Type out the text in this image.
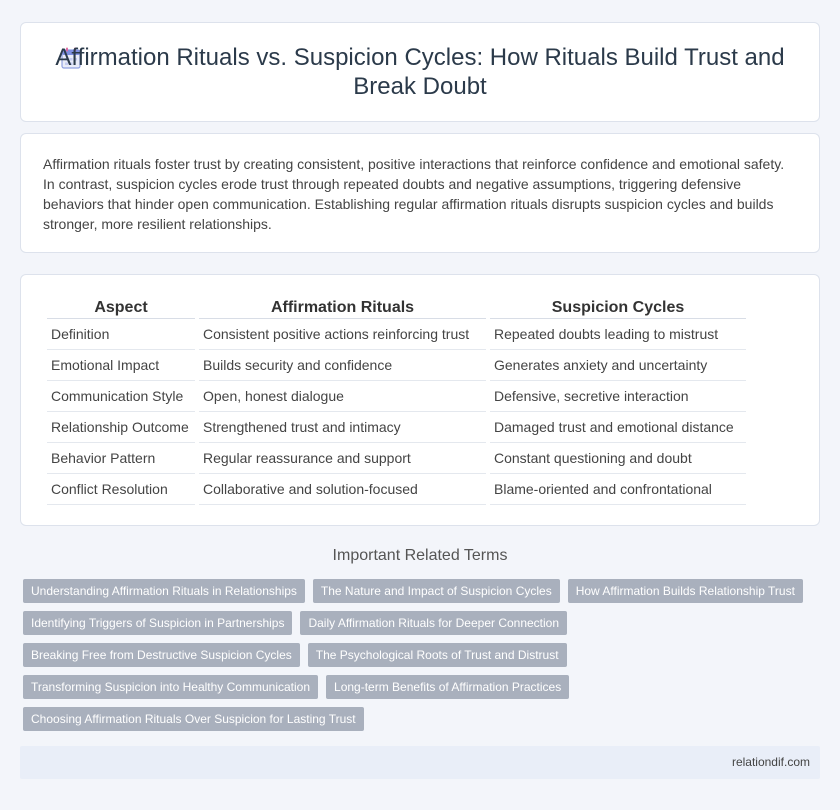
Affirmation Rituals vs. Suspicion Cycles: How Rituals Build Trust and Break Doubt

Affirmation rituals foster trust by creating consistent, positive interactions that reinforce confidence and emotional safety. In contrast, suspicion cycles erode trust through repeated doubts and negative assumptions, triggering defensive behaviors that hinder open communication. Establishing regular affirmation rituals disrupts suspicion cycles and builds stronger, more resilient relationships.

Aspect	Affirmation Rituals	Suspicion Cycles
Definition	Consistent positive actions reinforcing trust	Repeated doubts leading to mistrust
Emotional Impact	Builds security and confidence	Generates anxiety and uncertainty
Communication Style	Open, honest dialogue	Defensive, secretive interaction
Relationship Outcome	Strengthened trust and intimacy	Damaged trust and emotional distance
Behavior Pattern	Regular reassurance and support	Constant questioning and doubt
Conflict Resolution	Collaborative and solution-focused	Blame-oriented and confrontational
Important Related Terms
Understanding Affirmation Rituals in Relationships	The Nature and Impact of Suspicion Cycles	How Affirmation Builds Relationship Trust
Identifying Triggers of Suspicion in Partnerships	Daily Affirmation Rituals for Deeper Connection
Breaking Free from Destructive Suspicion Cycles	The Psychological Roots of Trust and Distrust
Transforming Suspicion into Healthy Communication	Long-term Benefits of Affirmation Practices
Choosing Affirmation Rituals Over Suspicion for Lasting Trust
relationdif.com
